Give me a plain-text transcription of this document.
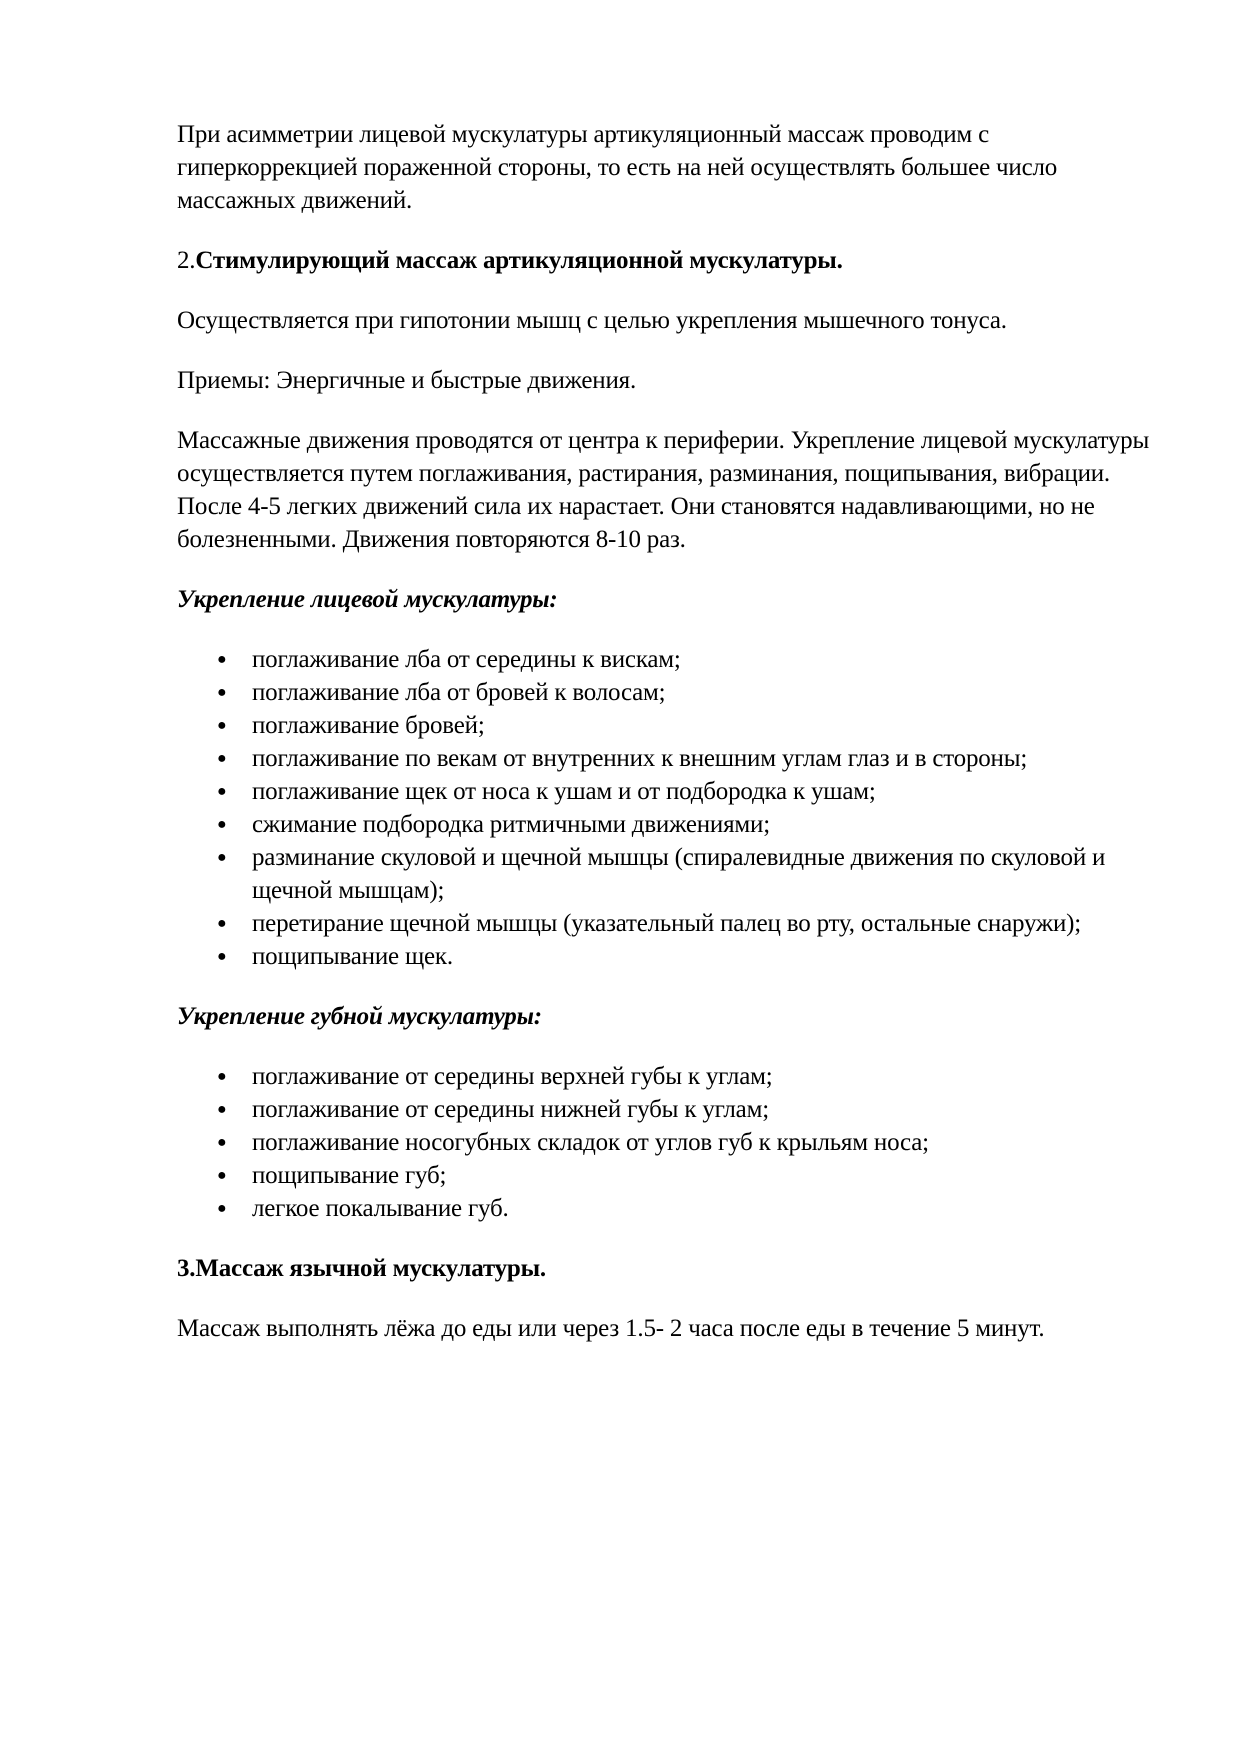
При асимметрии лицевой мускулатуры артикуляционный массаж проводим с гиперкоррекцией пораженной стороны, то есть на ней осуществлять большее число массажных движений.

2.Стимулирующий массаж артикуляционной мускулатуры.

Осуществляется при гипотонии мышц с целью укрепления мышечного тонуса.

Приемы: Энергичные и быстрые движения.

Массажные движения проводятся от центра к периферии. Укрепление лицевой мускулатуры осуществляется путем поглаживания, растирания, разминания, пощипывания, вибрации. После 4-5 легких движений сила их нарастает. Они становятся надавливающими, но не болезненными. Движения повторяются 8-10 раз.

Укрепление лицевой мускулатуры:

● поглаживание лба от середины к вискам;
● поглаживание лба от бровей к волосам;
● поглаживание бровей;
● поглаживание по векам от внутренних к внешним углам глаз и в стороны;
● поглаживание щек от носа к ушам и от подбородка к ушам;
● сжимание подбородка ритмичными движениями;
● разминание скуловой и щечной мышцы (спиралевидные движения по скуловой и щечной мышцам);
● перетирание щечной мышцы (указательный палец во рту, остальные снаружи);
● пощипывание щек.

Укрепление губной мускулатуры:

● поглаживание от середины верхней губы к углам;
● поглаживание от середины нижней губы к углам;
● поглаживание носогубных складок от углов губ к крыльям носа;
● пощипывание губ;
● легкое покалывание губ.

3.Массаж язычной мускулатуры.

Массаж выполнять лёжа до еды или через 1.5- 2 часа после еды в течение 5 минут.
